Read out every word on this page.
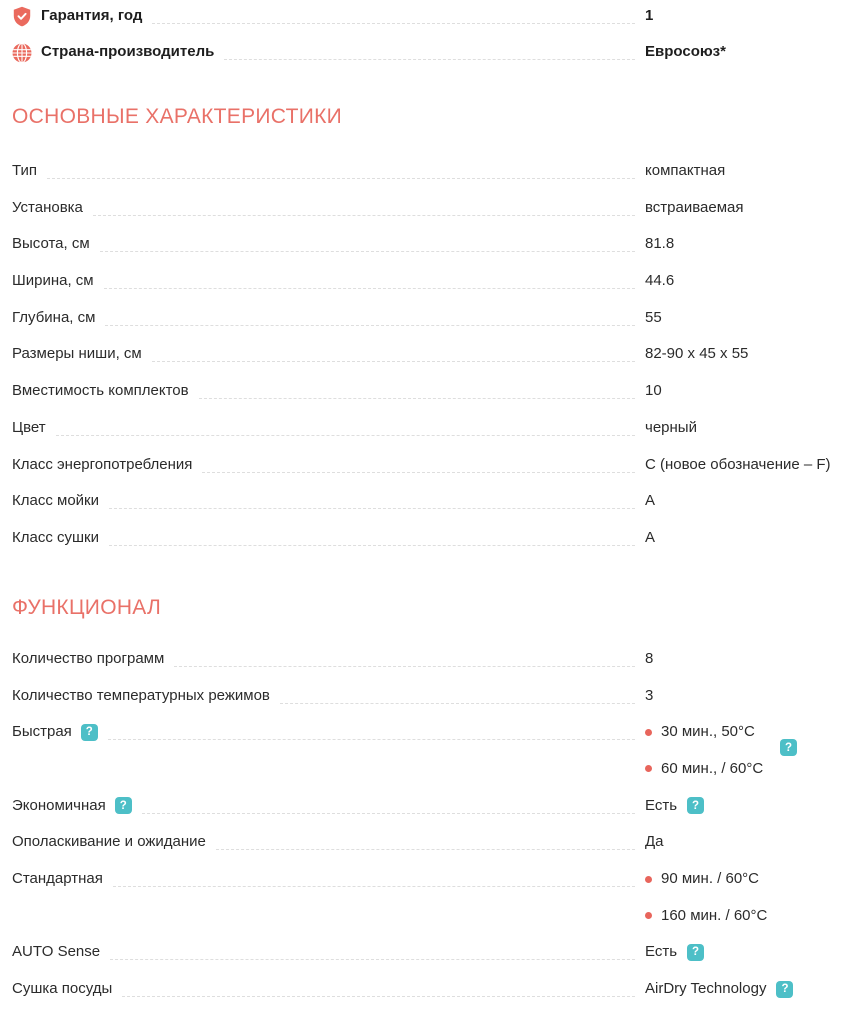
Гарантия, год	1
Страна-производитель	Евросоюз*
ОСНОВНЫЕ ХАРАКТЕРИСТИКИ
Тип	компактная
Установка	встраиваемая
Высота, см	81.8
Ширина, см	44.6
Глубина, см	55
Размеры ниши, см	82-90 x 45 x 55
Вместимость комплектов	10
Цвет	черный
Класс энергопотребления	C (новое обозначение – F)
Класс мойки	A
Класс сушки	A
ФУНКЦИОНАЛ
Количество программ	8
Количество температурных режимов	3
Быстрая	?	30 мин., 50°C
?
60 мин., / 60°C
Экономичная	?	Есть	?
Ополаскивание и ожидание	Да
Стандартная	90 мин. / 60°C
160 мин. / 60°C
AUTO Sense	Есть	?
Сушка посуды	AirDry Technology	?
